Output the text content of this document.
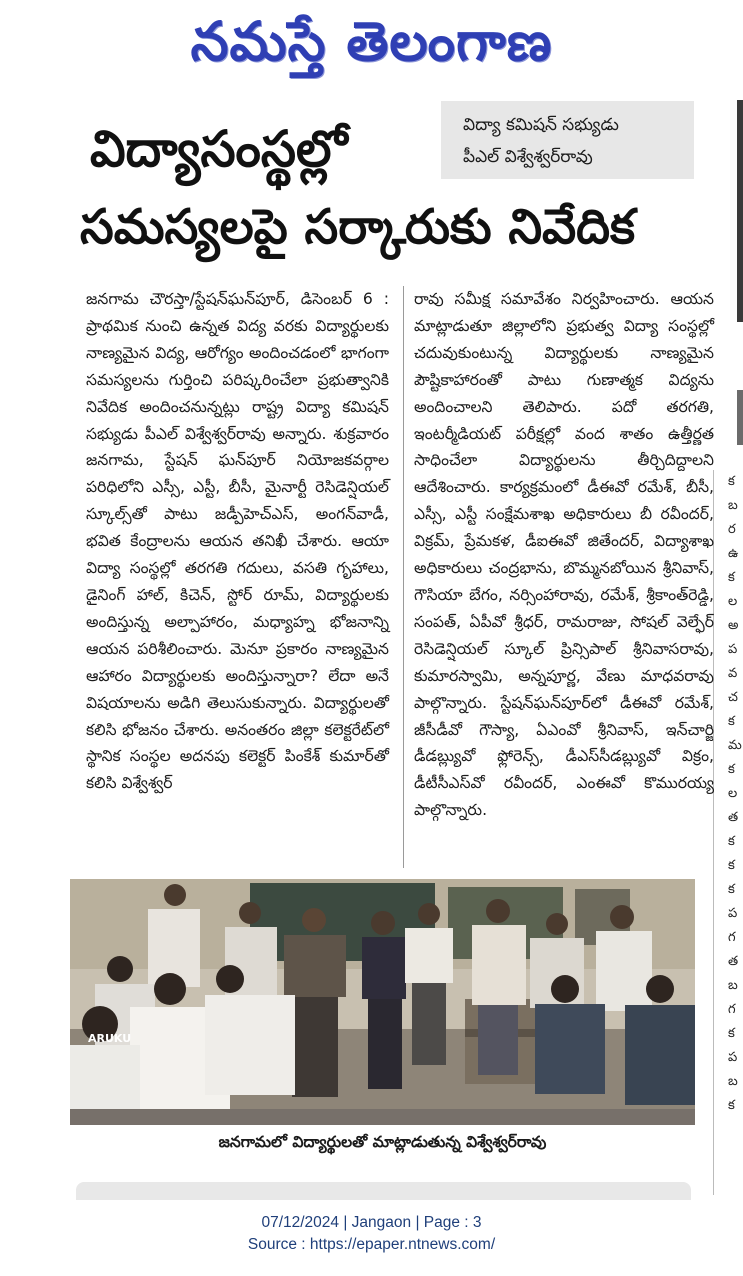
నమస్తే తెలంగాణ
క
బ
ర
ఉ
క
ల
అ
ప
వ
చ
క
మ
క
ల
త
క
క
క
ప
గ
త
బ
గ
క
ప
బ
క
విద్యాసంస్థల్లో
సమస్యలపై సర్కారుకు నివేదిక
విద్యా కమిషన్ సభ్యుడు
పీఎల్ విశ్వేశ్వర్‌రావు

జనగామ చౌరస్తా/స్టేషన్‌ఘన్‌పూర్, డిసెంబర్ 6 : ప్రాథమిక నుంచి ఉన్నత విద్య వరకు విద్యార్థులకు నాణ్యమైన విద్య, ఆరోగ్యం అందించడంలో భాగంగా సమస్యలను గుర్తించి పరిష్కరించేలా ప్రభుత్వానికి నివేదిక అందించనున్నట్లు రాష్ట్ర విద్యా కమిషన్ సభ్యుడు పీఎల్ విశ్వేశ్వర్‌రావు అన్నారు. శుక్రవారం జనగామ, స్టేషన్ ఘన్‌పూర్ నియోజకవర్గాల పరిధిలోని ఎస్సీ, ఎస్టీ, బీసీ, మైనార్టీ రెసిడెన్షియల్ స్కూల్స్‌తో పాటు జడ్పీహెచ్ఎస్, అంగన్‌వాడీ, భవిత కేంద్రాలను ఆయన తనిఖీ చేశారు. ఆయా విద్యా సంస్థల్లో తరగతి గదులు, వసతి గృహాలు, డైనింగ్ హాల్, కిచెన్, స్టోర్ రూమ్, విద్యార్థులకు అందిస్తున్న అల్పాహారం, మధ్యాహ్న భోజనాన్ని ఆయన పరిశీలించారు. మెనూ ప్రకారం నాణ్యమైన ఆహారం విద్యార్థులకు అందిస్తున్నారా? లేదా అనే విషయాలను అడిగి తెలుసుకున్నారు. విద్యార్థులతో కలిసి భోజనం చేశారు. అనంతరం జిల్లా కలెక్టరేట్‌లో స్థానిక సంస్థల అదనపు కలెక్టర్ పింకేశ్ కుమార్‌తో కలిసి విశ్వేశ్వర్

రావు సమీక్ష సమావేశం నిర్వహించారు. ఆయన మాట్లాడుతూ జిల్లాలోని ప్రభుత్వ విద్యా సంస్థల్లో చదువుకుంటున్న విద్యార్థులకు నాణ్యమైన పౌష్టికాహారంతో పాటు గుణాత్మక విద్యను అందించాలని తెలిపారు. పదో తరగతి, ఇంటర్మీడియట్ పరీక్షల్లో వంద శాతం ఉత్తీర్ణత సాధించేలా విద్యార్థులను తీర్చిదిద్దాలని ఆదేశించారు. కార్యక్రమంలో డీఈవో రమేశ్, బీసీ, ఎస్సీ, ఎస్టీ సంక్షేమశాఖ అధికారులు బీ రవీందర్, విక్రమ్, ప్రేమకళ, డీఐఈవో జితేందర్, విద్యాశాఖ అధికారులు చంద్రభాను, బొమ్మనబోయిన శ్రీనివాస్, గౌసియా బేగం, నర్సింహారావు, రమేశ్, శ్రీకాంత్‌రెడ్డి, సంపత్, ఏపీవో శ్రీధర్, రామరాజు, సోషల్ వెల్ఫేర్ రెసిడెన్షియల్ స్కూల్ ప్రిన్సిపాల్ శ్రీనివాసరావు, కుమారస్వామి, అన్నపూర్ణ, వేణు మాధవరావు పాల్గొన్నారు. స్టేషన్‌ఘన్‌పూర్‌లో డీఈవో రమేశ్, జీసీడీవో గౌస్యా, ఏఎంవో శ్రీనివాస్, ఇన్‌చార్జి డీడబ్ల్యువో ఫ్లోరెన్స్, డీఎస్‌సీడబ్ల్యువో విక్రం, డీటీసీఎస్‌వో రవీందర్, ఎంఈవో కొమురయ్య పాల్గొన్నారు.

ARUKU
జనగామలో విద్యార్థులతో మాట్లాడుతున్న విశ్వేశ్వర్‌రావు
07/12/2024 | Jangaon | Page : 3
Source : https://epaper.ntnews.com/
